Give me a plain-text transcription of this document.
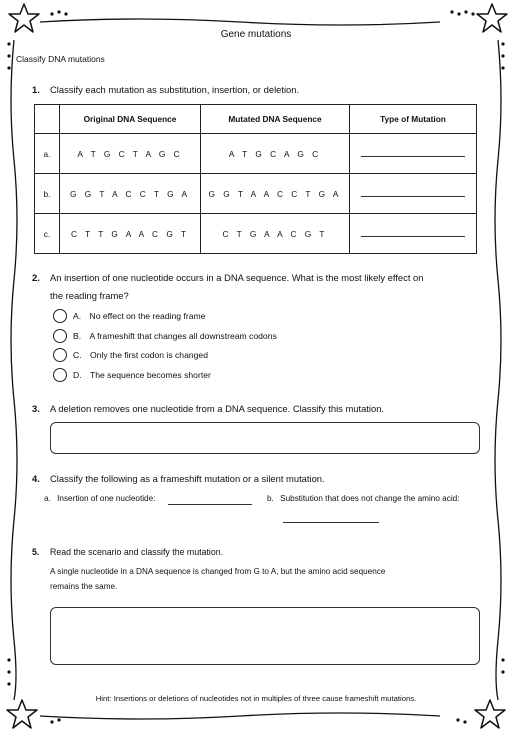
Gene mutations
Classify DNA mutations
1. Classify each mutation as substitution, insertion, or deletion.
	Original DNA Sequence	Mutated DNA Sequence	Type of Mutation
a.	A T G C T A G C	A T G C A G C	
b.	G G T A C C T G A	G G T A A C C T G A	
c.	C T T G A A C G T	C T G A A C G T	
2. An insertion of one nucleotide occurs in a DNA sequence. What is the most likely effect on
the reading frame?
A. No effect on the reading frame
B. A frameshift that changes all downstream codons
C. Only the first codon is changed
D. The sequence becomes shorter
3. A deletion removes one nucleotide from a DNA sequence. Classify this mutation.
4. Classify the following as a frameshift mutation or a silent mutation.
a. Insertion of one nucleotide:	b. Substitution that does not change the amino acid:
5. Read the scenario and classify the mutation.
A single nucleotide in a DNA sequence is changed from G to A, but the amino acid sequence
remains the same.
Hint: Insertions or deletions of nucleotides not in multiples of three cause frameshift mutations.
